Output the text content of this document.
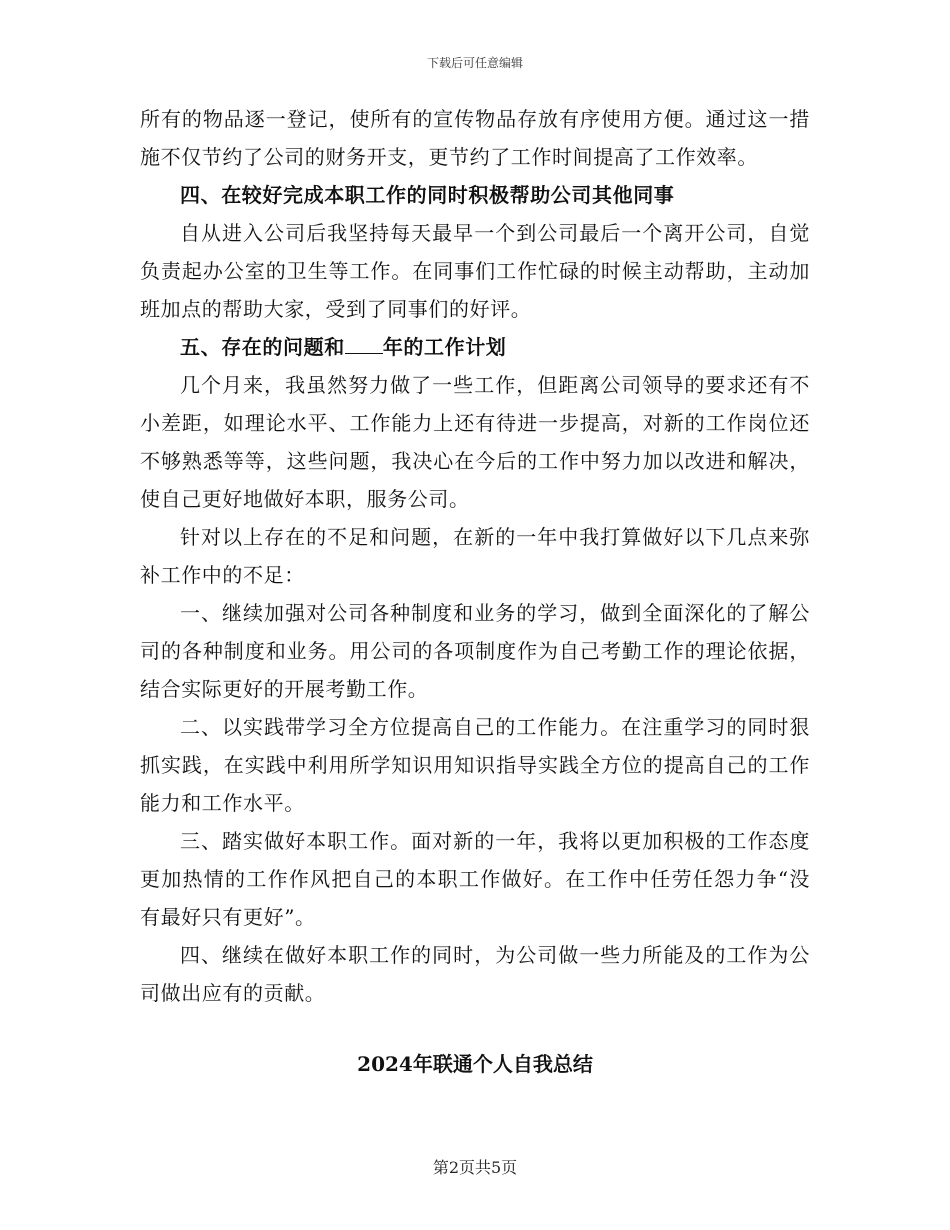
下载后可任意编辑

所有的物品逐一登记，使所有的宣传物品存放有序使用方便。通过这一措施不仅节约了公司的财务开支，更节约了工作时间提高了工作效率。

四、在较好完成本职工作的同时积极帮助公司其他同事

自从进入公司后我坚持每天最早一个到公司最后一个离开公司，自觉负责起办公室的卫生等工作。在同事们工作忙碌的时候主动帮助，主动加班加点的帮助大家，受到了同事们的好评。

五、存在的问题和 年的工作计划

几个月来，我虽然努力做了一些工作，但距离公司领导的要求还有不小差距，如理论水平、工作能力上还有待进一步提高，对新的工作岗位还不够熟悉等等，这些问题，我决心在今后的工作中努力加以改进和解决，使自己更好地做好本职，服务公司。

针对以上存在的不足和问题，在新的一年中我打算做好以下几点来弥补工作中的不足：

一、继续加强对公司各种制度和业务的学习，做到全面深化的了解公司的各种制度和业务。用公司的各项制度作为自己考勤工作的理论依据，结合实际更好的开展考勤工作。

二、以实践带学习全方位提高自己的工作能力。在注重学习的同时狠抓实践，在实践中利用所学知识用知识指导实践全方位的提高自己的工作能力和工作水平。

三、踏实做好本职工作。面对新的一年，我将以更加积极的工作态度更加热情的工作作风把自己的本职工作做好。在工作中任劳任怨力争“没有最好只有更好”。

四、继续在做好本职工作的同时，为公司做一些力所能及的工作为公司做出应有的贡献。

2024年联通个人自我总结
第2页共5页
